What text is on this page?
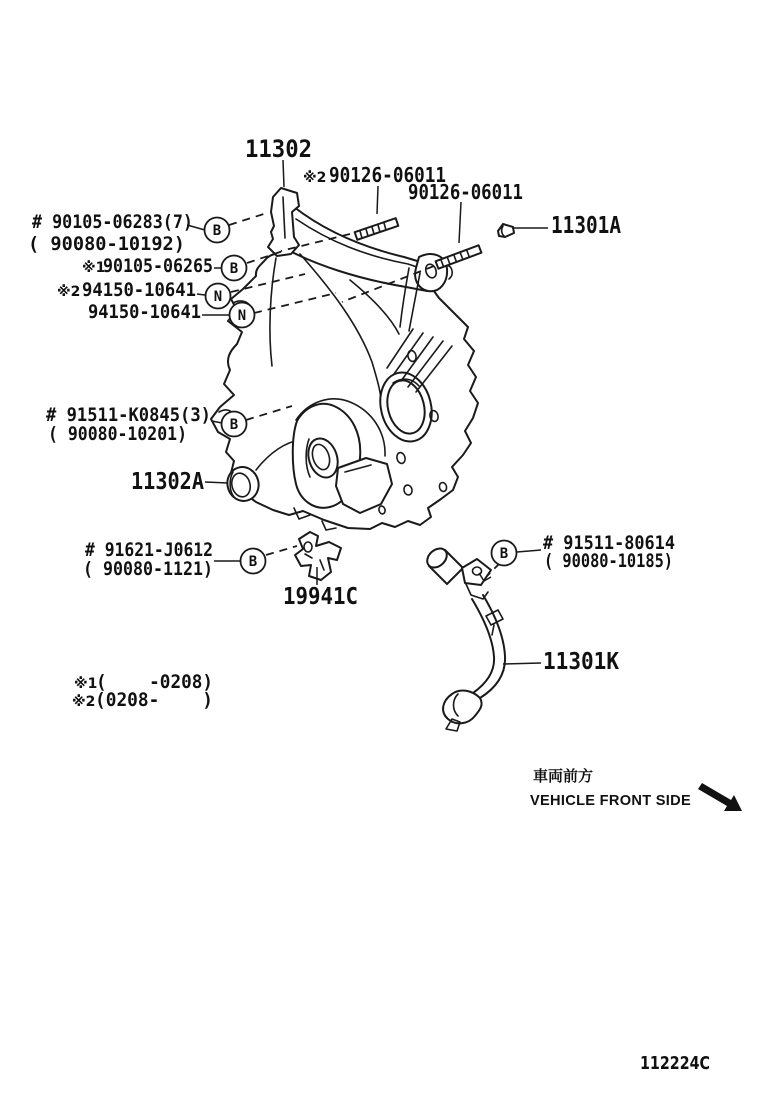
B
B
N
N
B
B	B
11302
※2 90126-06011
90126-06011
11301A
# 90105-06283(7)
( 90080-10192)
※1
90105-06265
※2 94150-10641
94150-10641
# 91511-K0845(3)
( 90080-10201)
11302A
# 91621-J0612
( 90080-1121)
19941C
# 91511-80614
( 90080-10185)
11301K
※1
(    -0208)
※2 (0208-    )
車両前方
VEHICLE FRONT SIDE
112224C
